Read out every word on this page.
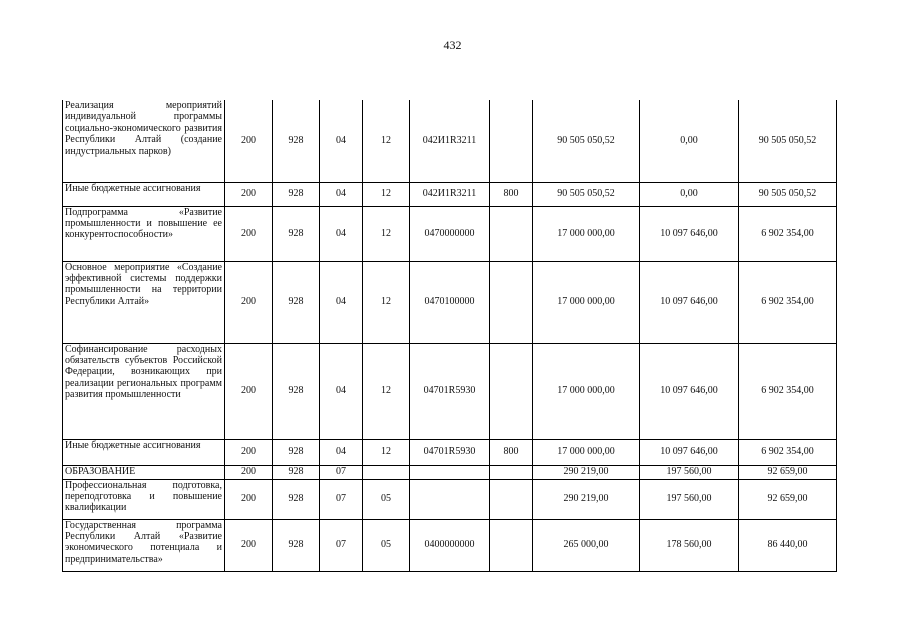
432
Реализация мероприятий индивидуальной программы социально-экономического развития Республики Алтай (создание индустриальных парков)	200	928	04	12	042И1R3211		90 505 050,52	0,00	90 505 050,52

Иные бюджетные ассигнования	200	928	04	12	042И1R3211	800	90 505 050,52	0,00	90 505 050,52

Подпрограмма «Развитие промышленности и повышение ее конкурентоспособности»	200	928	04	12	0470000000		17 000 000,00	10 097 646,00	6 902 354,00

Основное мероприятие «Создание эффективной системы поддержки промышленности на территории Республики Алтай»	200	928	04	12	0470100000		17 000 000,00	10 097 646,00	6 902 354,00

Софинансирование расходных обязательств субъектов Российской Федерации, возникающих при реализации региональных программ развития промышленности	200	928	04	12	04701R5930		17 000 000,00	10 097 646,00	6 902 354,00

Иные бюджетные ассигнования	200	928	04	12	04701R5930	800	17 000 000,00	10 097 646,00	6 902 354,00

ОБРАЗОВАНИЕ	200	928	07				290 219,00	197 560,00	92 659,00

Профессиональная подготовка, переподготовка и повышение квалификации	200	928	07	05			290 219,00	197 560,00	92 659,00

Государственная программа Республики Алтай «Развитие экономического потенциала и предпринимательства»	200	928	07	05	0400000000		265 000,00	178 560,00	86 440,00
